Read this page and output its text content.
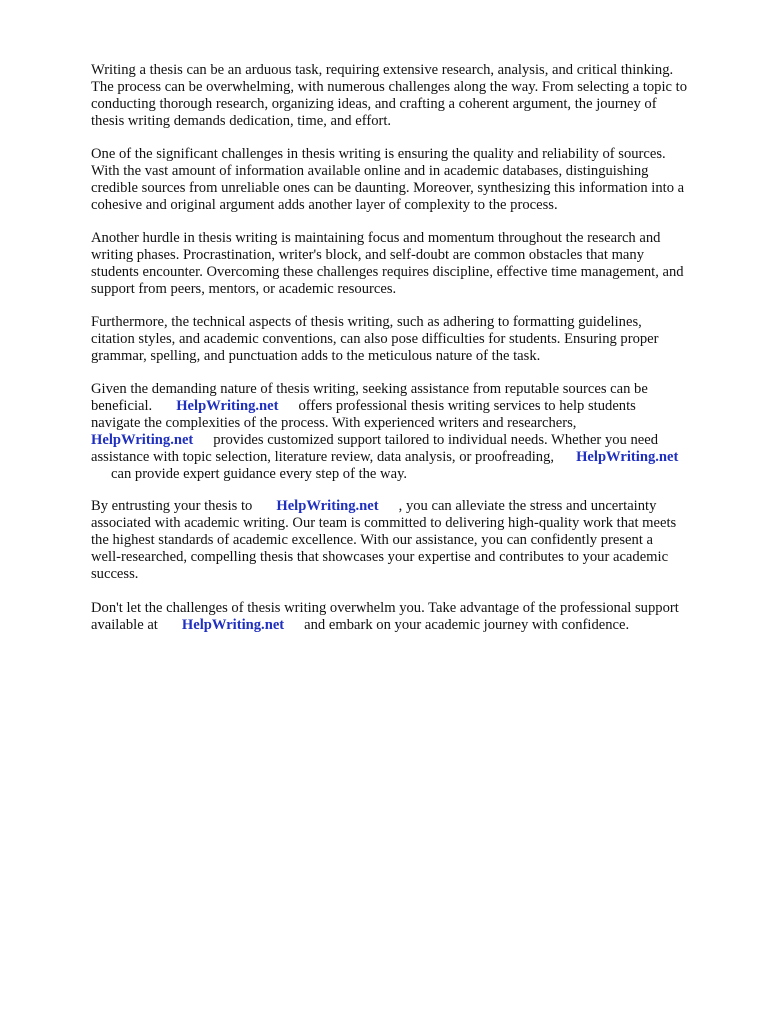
Writing a thesis can be an arduous task, requiring extensive research, analysis, and critical thinking.
The process can be overwhelming, with numerous challenges along the way. From selecting a topic to
conducting thorough research, organizing ideas, and crafting a coherent argument, the journey of
thesis writing demands dedication, time, and effort.

One of the significant challenges in thesis writing is ensuring the quality and reliability of sources.
With the vast amount of information available online and in academic databases, distinguishing
credible sources from unreliable ones can be daunting. Moreover, synthesizing this information into a
cohesive and original argument adds another layer of complexity to the process.

Another hurdle in thesis writing is maintaining focus and momentum throughout the research and
writing phases. Procrastination, writer's block, and self-doubt are common obstacles that many
students encounter. Overcoming these challenges requires discipline, effective time management, and
support from peers, mentors, or academic resources.

Furthermore, the technical aspects of thesis writing, such as adhering to formatting guidelines,
citation styles, and academic conventions, can also pose difficulties for students. Ensuring proper
grammar, spelling, and punctuation adds to the meticulous nature of the task.

Given the demanding nature of thesis writing, seeking assistance from reputable sources can be
beneficial. HelpWriting.net offers professional thesis writing services to help students
navigate the complexities of the process. With experienced writers and researchers,
HelpWriting.net provides customized support tailored to individual needs. Whether you need
assistance with topic selection, literature review, data analysis, or proofreading, HelpWriting.net
can provide expert guidance every step of the way.

By entrusting your thesis to HelpWriting.net , you can alleviate the stress and uncertainty
associated with academic writing. Our team is committed to delivering high-quality work that meets
the highest standards of academic excellence. With our assistance, you can confidently present a
well-researched, compelling thesis that showcases your expertise and contributes to your academic
success.

Don't let the challenges of thesis writing overwhelm you. Take advantage of the professional support
available at HelpWriting.net and embark on your academic journey with confidence.
